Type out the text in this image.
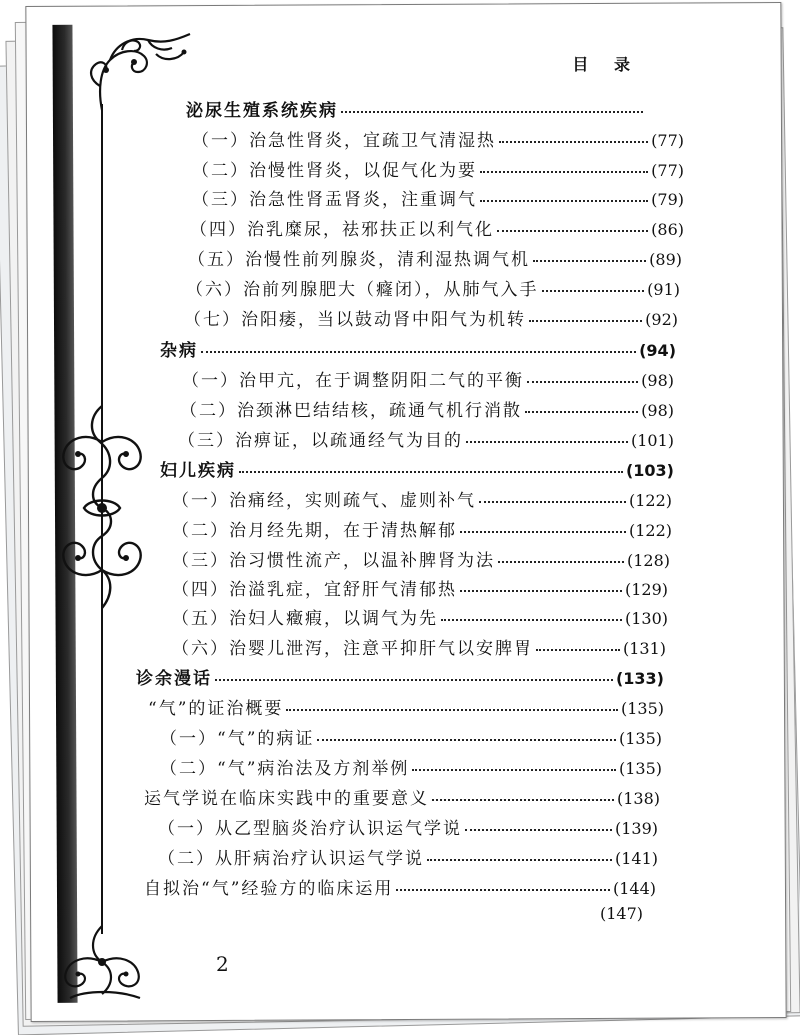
目 录
泌尿生殖系统疾病
（一）治急性肾炎，宜疏卫气清湿热	(77)
（二）治慢性肾炎，以促气化为要	(77)
（三）治急性肾盂肾炎，注重调气	(79)
（四）治乳糜尿，祛邪扶正以利气化	(86)
（五）治慢性前列腺炎，清利湿热调气机	(89)
（六）治前列腺肥大（癃闭），从肺气入手	(91)
（七）治阳痿，当以鼓动肾中阳气为机转	(92)
杂病	(94)
（一）治甲亢，在于调整阴阳二气的平衡	(98)
（二）治颈淋巴结结核，疏通气机行消散	(98)
（三）治痹证，以疏通经气为目的	(101)
妇儿疾病	(103)
（一）治痛经，实则疏气、虚则补气	(122)
（二）治月经先期，在于清热解郁	(122)
（三）治习惯性流产，以温补脾肾为法	(128)
（四）治溢乳症，宜舒肝气清郁热	(129)
（五）治妇人癥瘕，以调气为先	(130)
（六）治婴儿泄泻，注意平抑肝气以安脾胃	(131)
诊余漫话	(133)
“气”的证治概要	(135)
（一）“气”的病证	(135)
（二）“气”病治法及方剂举例	(135)
运气学说在临床实践中的重要意义	(138)
（一）从乙型脑炎治疗认识运气学说	(139)
（二）从肝病治疗认识运气学说	(141)
自拟治“气”经验方的临床运用	(144)
(147)
2
